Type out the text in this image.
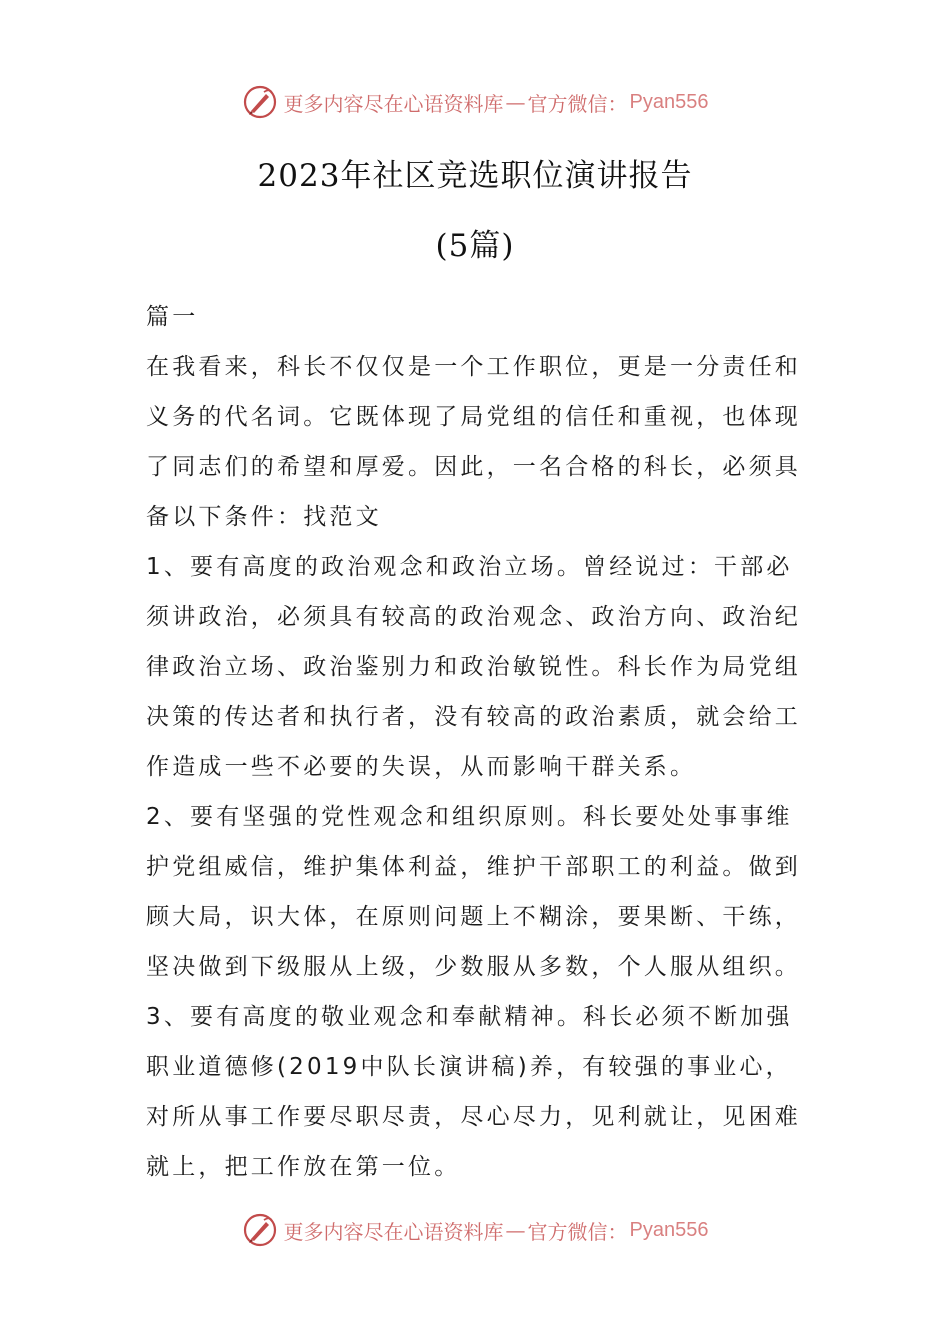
更多内容尽在心语资料库 — 官方微信： Pyan556
2023年社区竞选职位演讲报告
(5篇)

篇一

在我看来，科长不仅仅是一个工作职位，更是一分责任和义务的代名词。它既体现了局党组的信任和重视，也体现了同志们的希望和厚爱。因此，一名合格的科长，必须具备以下条件：找范文

1、要有高度的政治观念和政治立场。曾经说过：干部必须讲政治，必须具有较高的政治观念、政治方向、政治纪律政治立场、政治鉴别力和政治敏锐性。科长作为局党组决策的传达者和执行者，没有较高的政治素质，就会给工作造成一些不必要的失误，从而影响干群关系。

2、要有坚强的党性观念和组织原则。科长要处处事事维护党组威信，维护集体利益，维护干部职工的利益。做到顾大局，识大体，在原则问题上不糊涂，要果断、干练，坚决做到下级服从上级，少数服从多数，个人服从组织。

3、要有高度的敬业观念和奉献精神。科长必须不断加强职业道德修(2019中队长演讲稿)养，有较强的事业心，对所从事工作要尽职尽责，尽心尽力，见利就让，见困难就上，把工作放在第一位。

更多内容尽在心语资料库 — 官方微信： Pyan556
